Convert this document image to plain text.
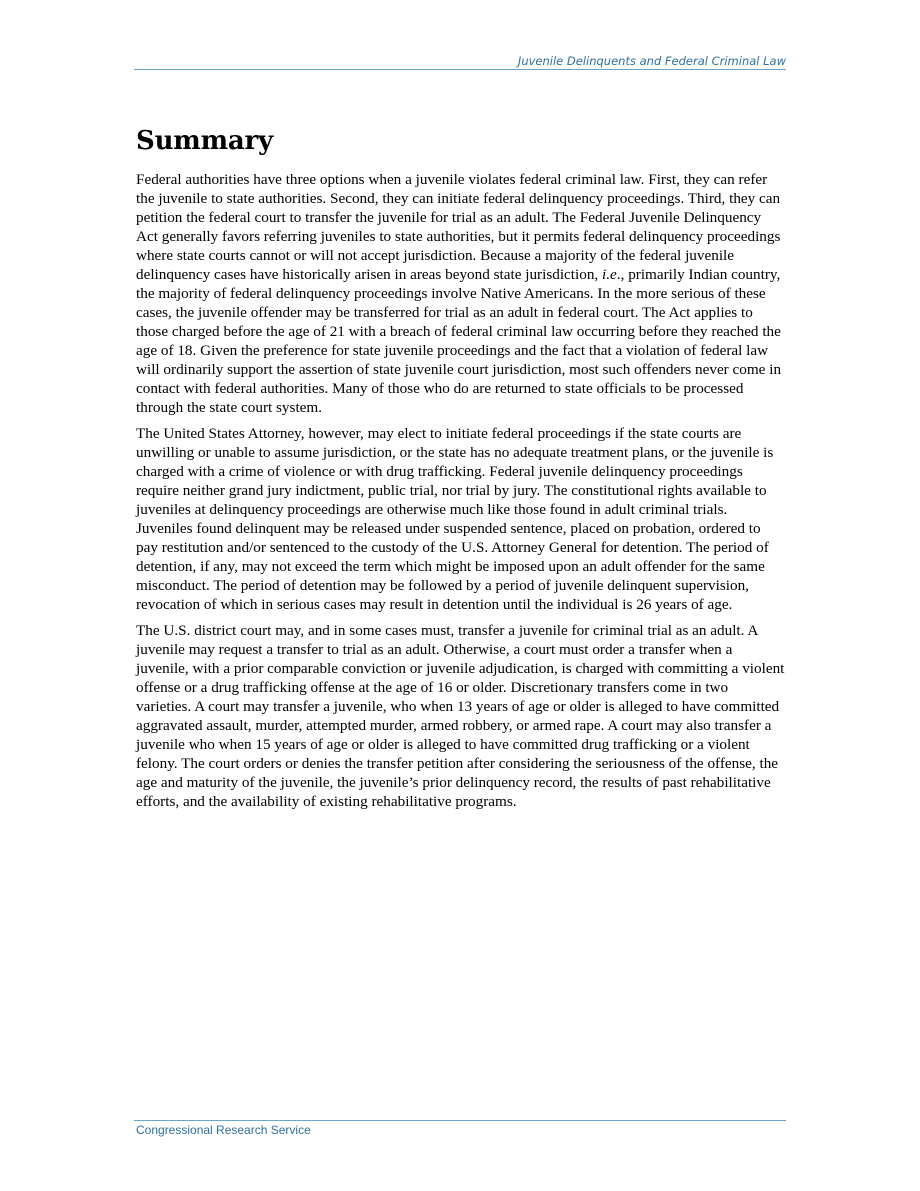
Juvenile Delinquents and Federal Criminal Law
Summary

Federal authorities have three options when a juvenile violates federal criminal law. First, they can refer the juvenile to state authorities. Second, they can initiate federal delinquency proceedings. Third, they can petition the federal court to transfer the juvenile for trial as an adult. The Federal Juvenile Delinquency Act generally favors referring juveniles to state authorities, but it permits federal delinquency proceedings where state courts cannot or will not accept jurisdiction. Because a majority of the federal juvenile delinquency cases have historically arisen in areas beyond state jurisdiction, i.e., primarily Indian country, the majority of federal delinquency proceedings involve Native Americans. In the more serious of these cases, the juvenile offender may be transferred for trial as an adult in federal court. The Act applies to those charged before the age of 21 with a breach of federal criminal law occurring before they reached the age of 18. Given the preference for state juvenile proceedings and the fact that a violation of federal law will ordinarily support the assertion of state juvenile court jurisdiction, most such offenders never come in contact with federal authorities. Many of those who do are returned to state officials to be processed through the state court system.

The United States Attorney, however, may elect to initiate federal proceedings if the state courts are unwilling or unable to assume jurisdiction, or the state has no adequate treatment plans, or the juvenile is charged with a crime of violence or with drug trafficking. Federal juvenile delinquency proceedings require neither grand jury indictment, public trial, nor trial by jury. The constitutional rights available to juveniles at delinquency proceedings are otherwise much like those found in adult criminal trials. Juveniles found delinquent may be released under suspended sentence, placed on probation, ordered to pay restitution and/or sentenced to the custody of the U.S. Attorney General for detention. The period of detention, if any, may not exceed the term which might be imposed upon an adult offender for the same misconduct. The period of detention may be followed by a period of juvenile delinquent supervision, revocation of which in serious cases may result in detention until the individual is 26 years of age.

The U.S. district court may, and in some cases must, transfer a juvenile for criminal trial as an adult. A juvenile may request a transfer to trial as an adult. Otherwise, a court must order a transfer when a juvenile, with a prior comparable conviction or juvenile adjudication, is charged with committing a violent offense or a drug trafficking offense at the age of 16 or older. Discretionary transfers come in two varieties. A court may transfer a juvenile, who when 13 years of age or older is alleged to have committed aggravated assault, murder, attempted murder, armed robbery, or armed rape. A court may also transfer a juvenile who when 15 years of age or older is alleged to have committed drug trafficking or a violent felony. The court orders or denies the transfer petition after considering the seriousness of the offense, the age and maturity of the juvenile, the juvenile’s prior delinquency record, the results of past rehabilitative efforts, and the availability of existing rehabilitative programs.

Congressional Research Service
